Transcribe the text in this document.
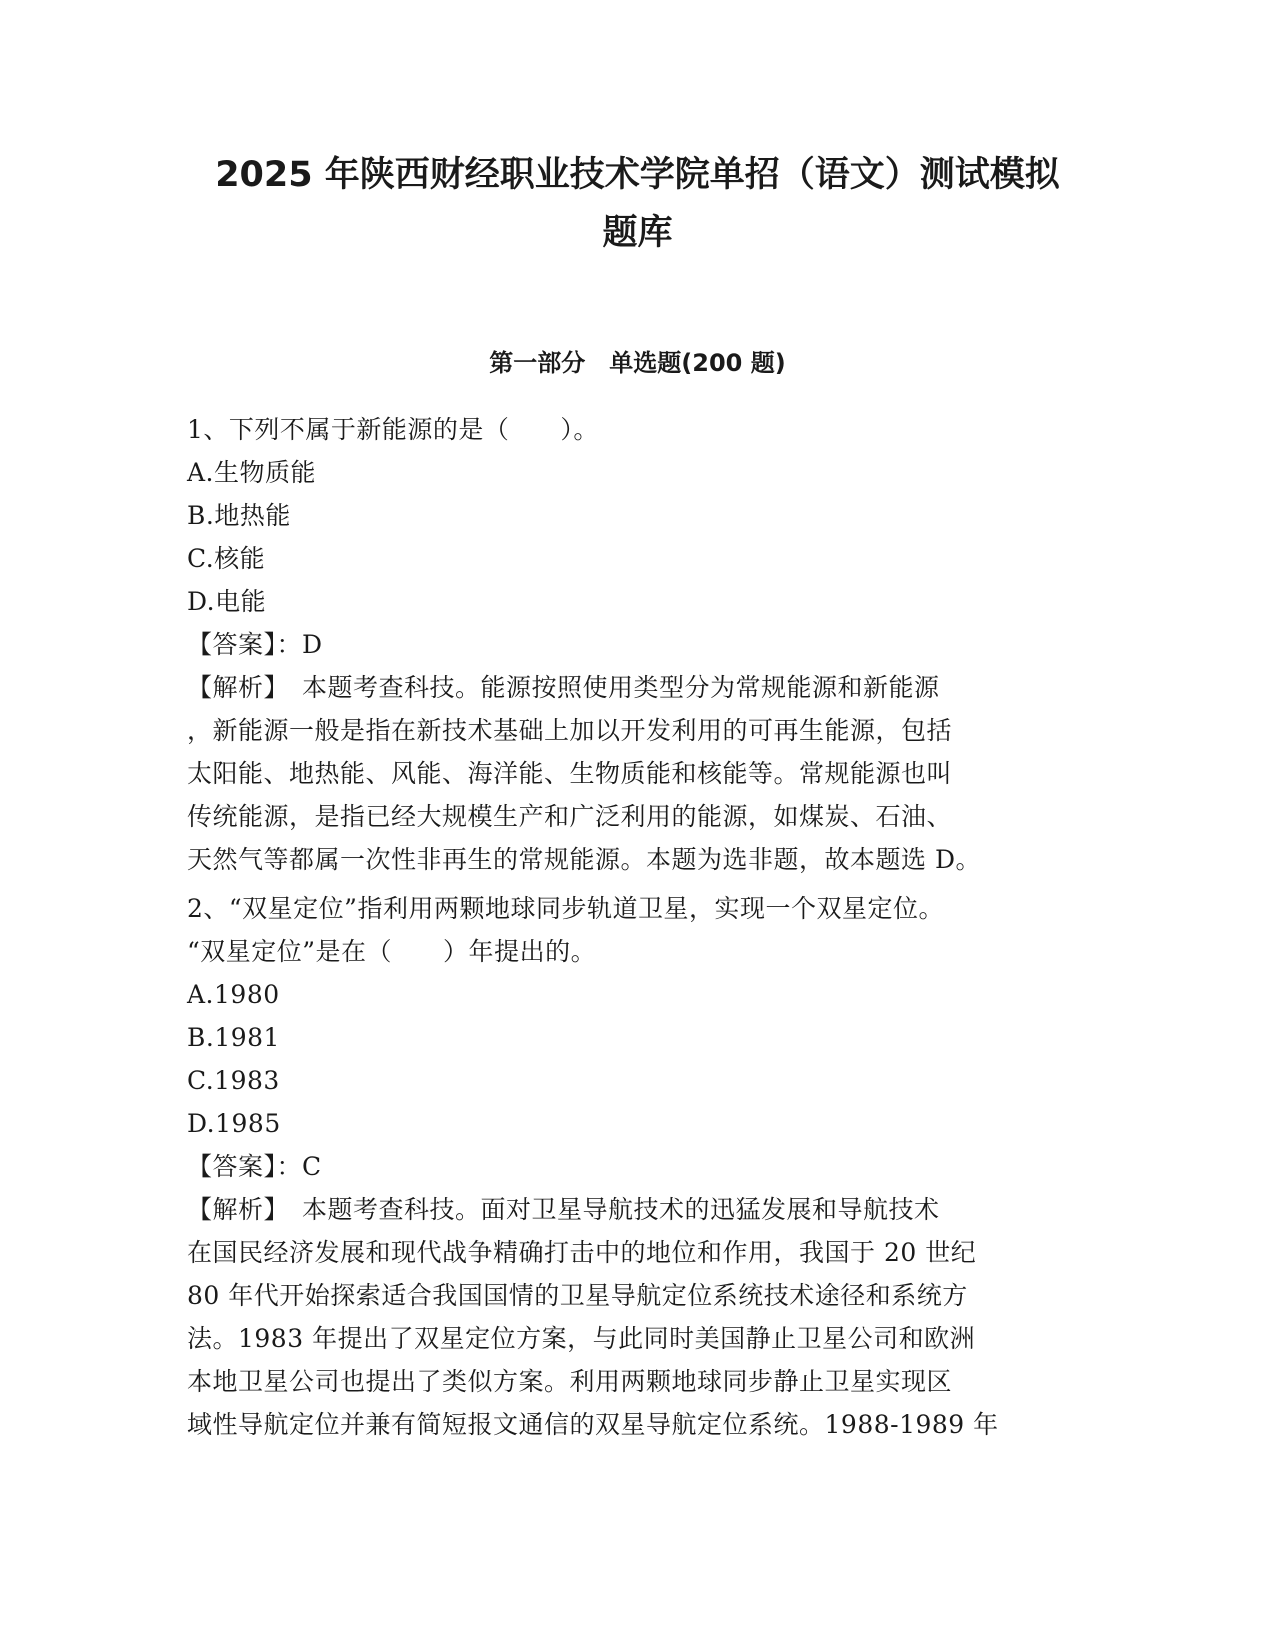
2025 年陕西财经职业技术学院单招（语文）测试模拟
题库
第一部分　单选题(200 题)
1、下列不属于新能源的是（　　）。
A.生物质能
B.地热能
C.核能
D.电能
【答案】：D
【解析】　本题考查科技。能源按照使用类型分为常规能源和新能源
，新能源一般是指在新技术基础上加以开发利用的可再生能源，包括
太阳能、地热能、风能、海洋能、生物质能和核能等。常规能源也叫
传统能源，是指已经大规模生产和广泛利用的能源，如煤炭、石油、
天然气等都属一次性非再生的常规能源。本题为选非题，故本题选 D。
2、“双星定位”指利用两颗地球同步轨道卫星，实现一个双星定位。
“双星定位”是在（　　）年提出的。
A.1980
B.1981
C.1983
D.1985
【答案】：C
【解析】　本题考查科技。面对卫星导航技术的迅猛发展和导航技术
在国民经济发展和现代战争精确打击中的地位和作用，我国于 20 世纪
80 年代开始探索适合我国国情的卫星导航定位系统技术途径和系统方
法。1983 年提出了双星定位方案，与此同时美国静止卫星公司和欧洲
本地卫星公司也提出了类似方案。利用两颗地球同步静止卫星实现区
域性导航定位并兼有简短报文通信的双星导航定位系统。1988-1989 年
